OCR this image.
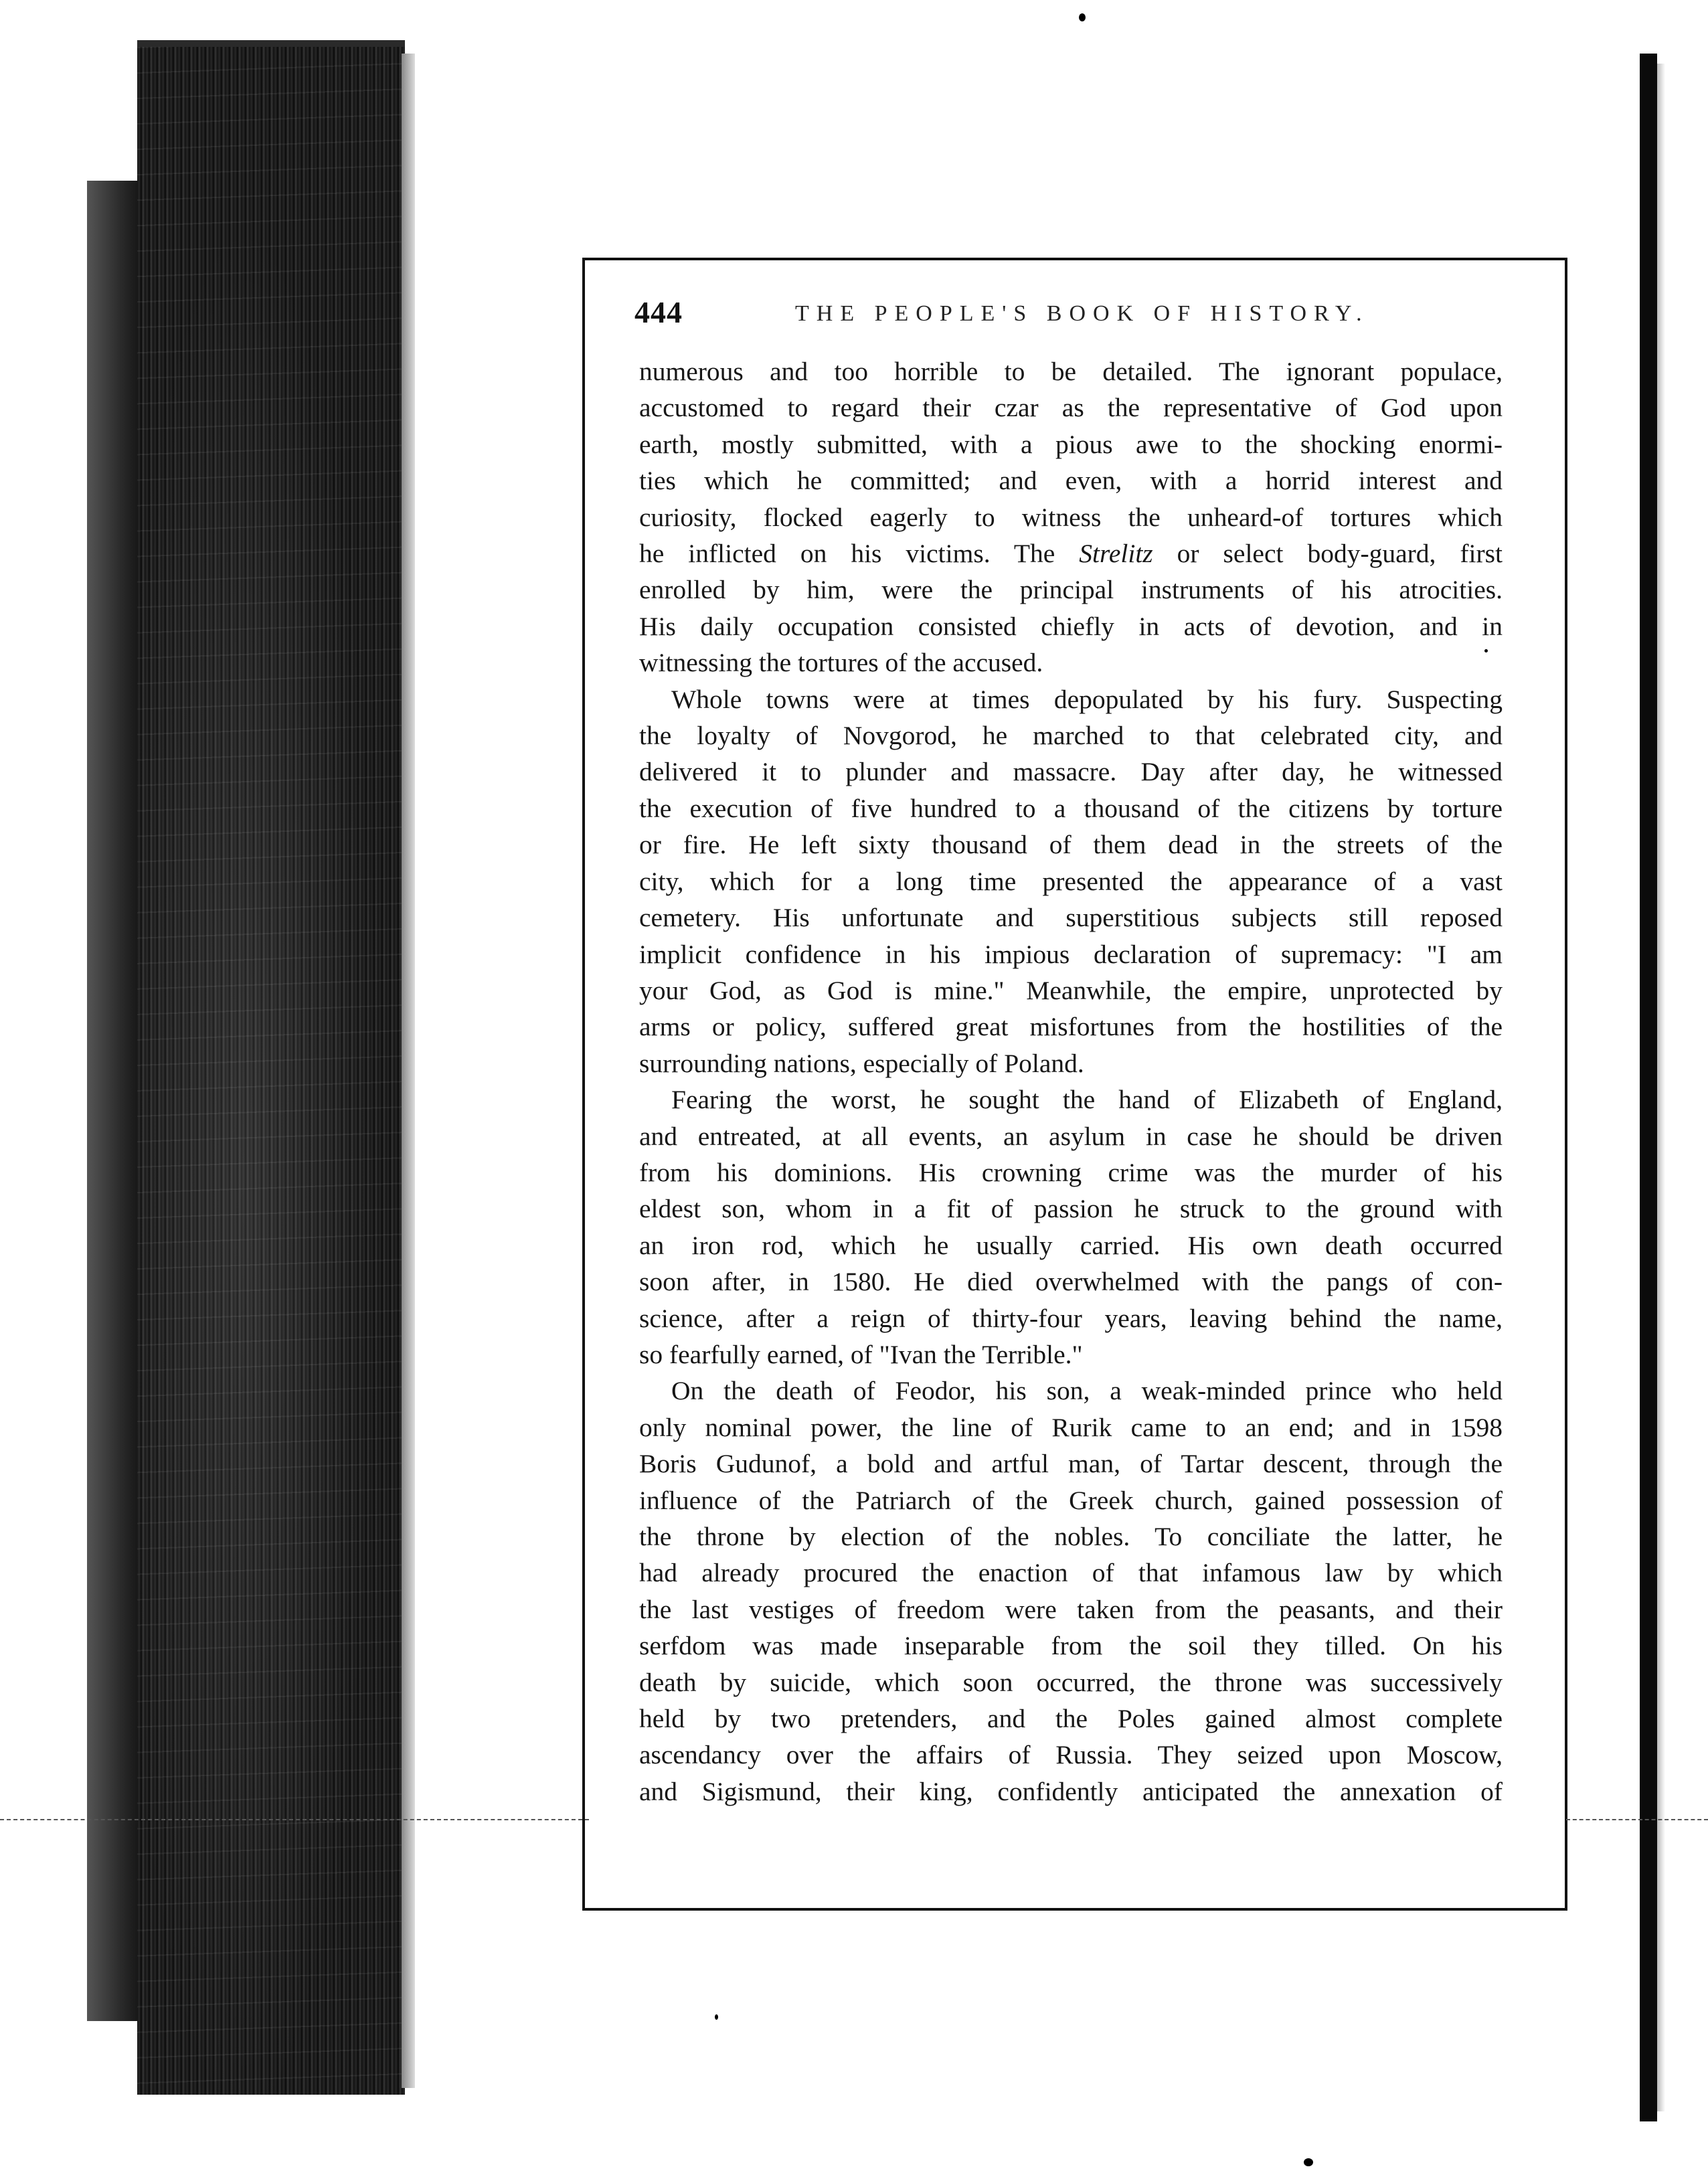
444	THE PEOPLE'S BOOK OF HISTORY.
numerous and too horrible to be detailed. The ignorant populace,
accustomed to regard their czar as the representative of God upon
earth, mostly submitted, with a pious awe to the shocking enormi-
ties which he committed; and even, with a horrid interest and
curiosity, flocked eagerly to witness the unheard-of tortures which
he inflicted on his victims. The Strelitz or select body-guard, first
enrolled by him, were the principal instruments of his atrocities.
His daily occupation consisted chiefly in acts of devotion, and in
witnessing the tortures of the accused.
Whole towns were at times depopulated by his fury. Suspecting
the loyalty of Novgorod, he marched to that celebrated city, and
delivered it to plunder and massacre. Day after day, he witnessed
the execution of five hundred to a thousand of the citizens by torture
or fire. He left sixty thousand of them dead in the streets of the
city, which for a long time presented the appearance of a vast
cemetery. His unfortunate and superstitious subjects still reposed
implicit confidence in his impious declaration of supremacy: "I am
your God, as God is mine." Meanwhile, the empire, unprotected by
arms or policy, suffered great misfortunes from the hostilities of the
surrounding nations, especially of Poland.
Fearing the worst, he sought the hand of Elizabeth of England,
and entreated, at all events, an asylum in case he should be driven
from his dominions. His crowning crime was the murder of his
eldest son, whom in a fit of passion he struck to the ground with
an iron rod, which he usually carried. His own death occurred
soon after, in 1580. He died overwhelmed with the pangs of con-
science, after a reign of thirty-four years, leaving behind the name,
so fearfully earned, of "Ivan the Terrible."
On the death of Feodor, his son, a weak-minded prince who held
only nominal power, the line of Rurik came to an end; and in 1598
Boris Gudunof, a bold and artful man, of Tartar descent, through the
influence of the Patriarch of the Greek church, gained possession of
the throne by election of the nobles. To conciliate the latter, he
had already procured the enaction of that infamous law by which
the last vestiges of freedom were taken from the peasants, and their
serfdom was made inseparable from the soil they tilled. On his
death by suicide, which soon occurred, the throne was successively
held by two pretenders, and the Poles gained almost complete
ascendancy over the affairs of Russia. They seized upon Moscow,
and Sigismund, their king, confidently anticipated the annexation of
